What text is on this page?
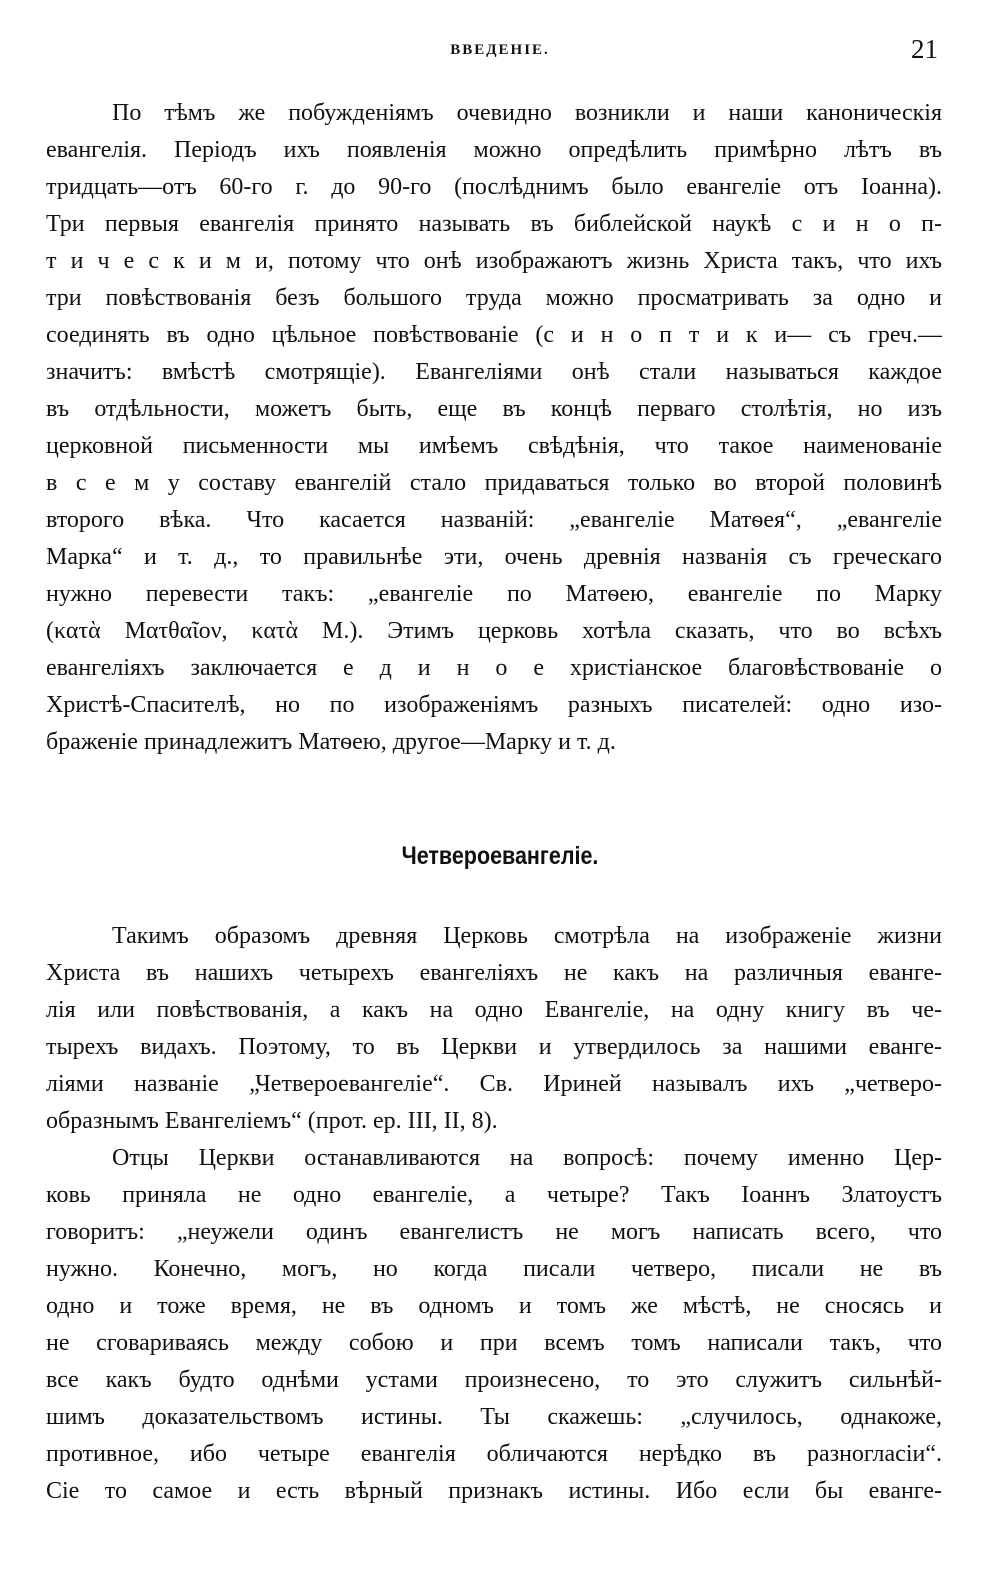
ВВЕДЕНІЕ.	21
По тѣмъ же побужденіямъ очевидно возникли и наши каноническія
евангелія. Періодъ ихъ появленія можно опредѣлить примѣрно лѣтъ въ
тридцать—отъ 60-го г. до 90-го (послѣднимъ было евангеліе отъ Іоанна).
Три первыя евангелія принято называть въ библейской наукѣ с и н о п-
т и ч е с к и м и, потому что онѣ изображаютъ жизнь Христа такъ, что ихъ
три повѣствованія безъ большого труда можно просматривать за одно и
соединять въ одно цѣльное повѣствованіе (с и н о п т и к и— съ греч.—
значитъ: вмѣстѣ смотрящіе). Евангеліями онѣ стали называться каждое
въ отдѣльности, можетъ быть, еще въ концѣ перваго столѣтія, но изъ
церковной письменности мы имѣемъ свѣдѣнія, что такое наименованіе
в с е м у составу евангелій стало придаваться только во второй половинѣ
второго вѣка. Что касается названій: „евангеліе Матѳея“, „евангеліе
Марка“ и т. д., то правильнѣе эти, очень древнія названія съ греческаго
нужно перевести такъ: „евангеліе по Матѳею, евангеліе по Марку
(κατὰ Ματθαῖον, κατὰ Μ.). Этимъ церковь хотѣла сказать, что во всѣхъ
евангеліяхъ заключается е д и н о е христіанское благовѣствованіе о
Христѣ-Спасителѣ, но по изображеніямъ разныхъ писателей: одно изо-
браженіе принадлежитъ Матѳею, другое—Марку и т. д.
Четвероевангеліе.
Такимъ образомъ древняя Церковь смотрѣла на изображеніе жизни
Христа въ нашихъ четырехъ евангеліяхъ не какъ на различныя еванге-
лія или повѣствованія, а какъ на одно Евангеліе, на одну книгу въ че-
тырехъ видахъ. Поэтому, то въ Церкви и утвердилось за нашими еванге-
ліями названіе „Четвероевангеліе“. Св. Ириней называлъ ихъ „четверо-
образнымъ Евангеліемъ“ (прот. ер. III, II, 8).
Отцы Церкви останавливаются на вопросѣ: почему именно Цер-
ковь приняла не одно евангеліе, а четыре? Такъ Іоаннъ Златоустъ
говоритъ: „неужели одинъ евангелистъ не могъ написать всего, что
нужно. Конечно, могъ, но когда писали четверо, писали не въ
одно и тоже время, не въ одномъ и томъ же мѣстѣ, не сносясь и
не сговариваясь между собою и при всемъ томъ написали такъ, что
все какъ будто однѣми устами произнесено, то это служитъ сильнѣй-
шимъ доказательствомъ истины. Ты скажешь: „случилось, однакоже,
противное, ибо четыре евангелія обличаются нерѣдко въ разногласіи“.
Сіе то самое и есть вѣрный признакъ истины. Ибо если бы еванге-
